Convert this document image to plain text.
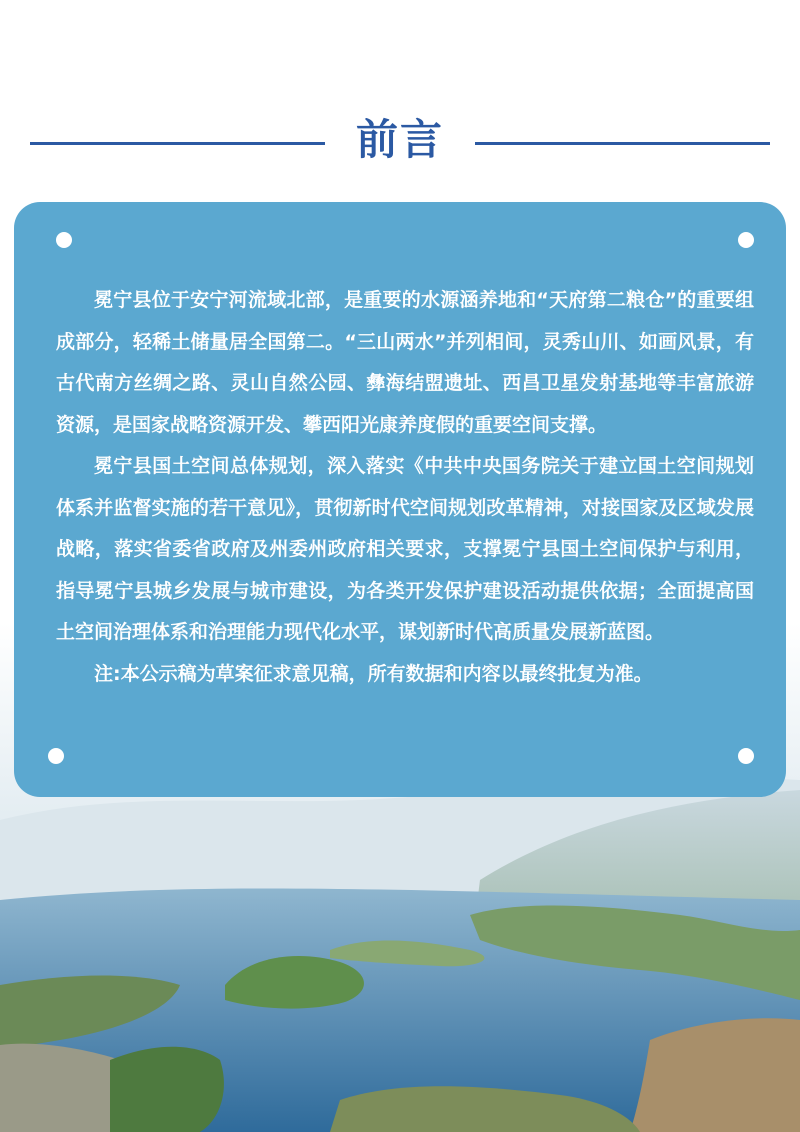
前言

冕宁县位于安宁河流域北部，是重要的水源涵养地和“天府第二粮仓”的重要组成部分，轻稀土储量居全国第二。“三山两水”并列相间，灵秀山川、如画风景，有古代南方丝绸之路、灵山自然公园、彝海结盟遗址、西昌卫星发射基地等丰富旅游资源，是国家战略资源开发、攀西阳光康养度假的重要空间支撑。

冕宁县国土空间总体规划，深入落实《中共中央国务院关于建立国土空间规划体系并监督实施的若干意见》，贯彻新时代空间规划改革精神，对接国家及区域发展战略，落实省委省政府及州委州政府相关要求，支撑冕宁县国土空间保护与利用，指导冕宁县城乡发展与城市建设，为各类开发保护建设活动提供依据；全面提高国土空间治理体系和治理能力现代化水平，谋划新时代高质量发展新蓝图。

注:本公示稿为草案征求意见稿，所有数据和内容以最终批复为准。
